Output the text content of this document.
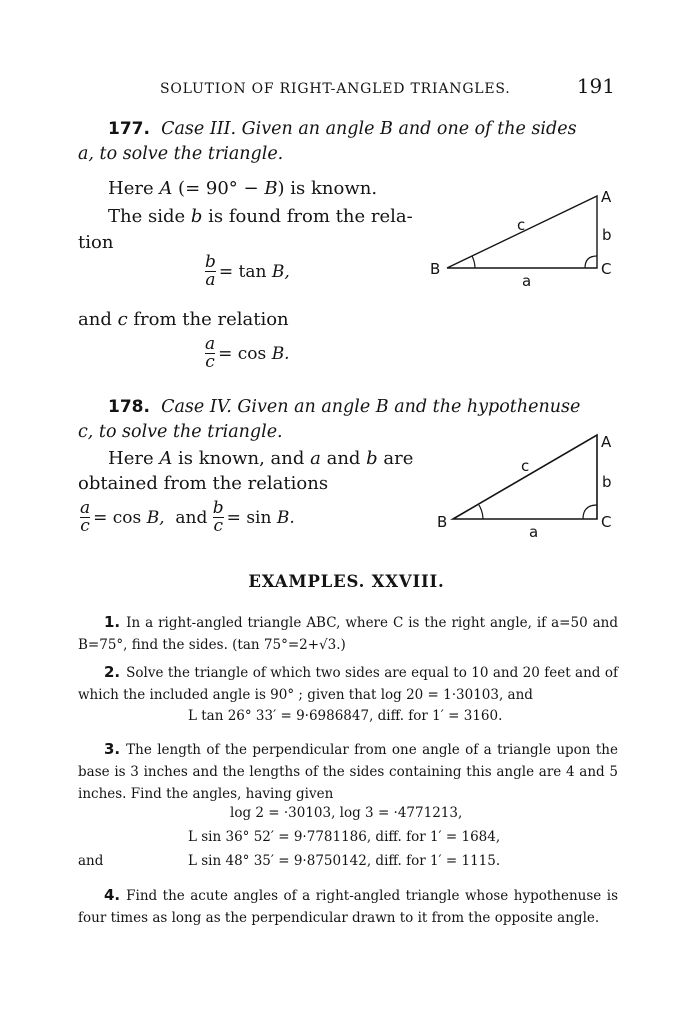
SOLUTION OF RIGHT-ANGLED TRIANGLES.	191
177. Case III. Given an angle B and one of the sides
a, to solve the triangle.
Here A (= 90° − B) is known.
The side b is found from the rela-
tion
$\frac{b}{a} = \tan$
B,
and c from the relation
$\frac{a}{c} = \cos$
B.
A
B	C
a
b
c
178. Case IV. Given an angle B and the hypothenuse
c, to solve the triangle.
Here A is known, and a and b are
obtained from the relations
$\frac{a}{c} = \cos$
B, and $\frac{b}{c} = \sin$
B.
A
B	C
a
b
c
EXAMPLES. XXVIII.
1. In a right-angled triangle ABC, where C is the right angle, if a=50 and B=75°, find the sides. (tan 75°=2+√3.)
2. Solve the triangle of which two sides are equal to 10 and 20 feet and of which the included angle is 90° ; given that log 20 = 1·30103, and
L tan 26° 33′ = 9·6986847, diff. for 1′ = 3160.
3. The length of the perpendicular from one angle of a triangle upon the base is 3 inches and the lengths of the sides containing this angle are 4 and 5 inches. Find the angles, having given
log 2 = ·30103, log 3 = ·4771213,
L sin 36° 52′ = 9·7781186, diff. for 1′ = 1684,
and	L sin 48° 35′ = 9·8750142, diff. for 1′ = 1115.
4. Find the acute angles of a right-angled triangle whose hypothenuse is four times as long as the perpendicular drawn to it from the opposite angle.
